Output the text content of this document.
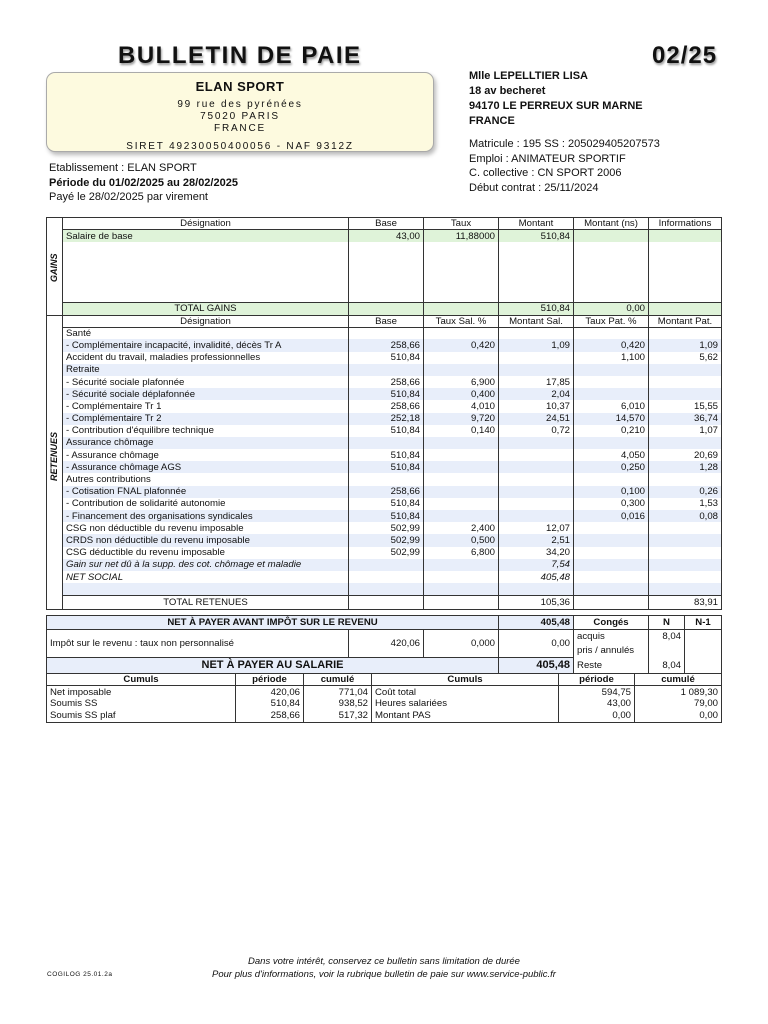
BULLETIN DE PAIE	02/25
ELAN SPORT
99 rue des pyrénées
75020 PARIS
FRANCE
SIRET 49230050400056 - NAF 9312Z
Mlle LEPELLTIER LISA
18 av becheret
94170 LE PERREUX SUR MARNE
FRANCE
Matricule : 195 SS : 205029405207573
Emploi : ANIMATEUR SPORTIF
C. collective : CN SPORT 2006
Début contrat : 25/11/2024
Etablissement : ELAN SPORT
Période du 01/02/2025 au 28/02/2025
Payé le 28/02/2025 par virement
GAINS	Désignation	Base	Taux	Montant	Montant (ns)	Informations
	Salaire de base	43,00	11,88000	510,84		

	TOTAL GAINS			510,84	0,00	

RETENUES	Désignation	Base	Taux Sal. %	Montant Sal.	Taux Pat. %	Montant Pat.
	Santé					
	- Complémentaire incapacité, invalidité, décès Tr A	258,66	0,420	1,09	0,420	1,09
	Accident du travail, maladies professionnelles	510,84			1,100	5,62
	Retraite					
	- Sécurité sociale plafonnée	258,66	6,900	17,85		
	- Sécurité sociale déplafonnée	510,84	0,400	2,04		
	- Complémentaire Tr 1	258,66	4,010	10,37	6,010	15,55
	- Complémentaire Tr 2	252,18	9,720	24,51	14,570	36,74
	- Contribution d'équilibre technique	510,84	0,140	0,72	0,210	1,07
	Assurance chômage					
	- Assurance chômage	510,84			4,050	20,69
	- Assurance chômage AGS	510,84			0,250	1,28
	Autres contributions					
	- Cotisation FNAL plafonnée	258,66			0,100	0,26
	- Contribution de solidarité autonomie	510,84			0,300	1,53
	- Financement des organisations syndicales	510,84			0,016	0,08
	CSG non déductible du revenu imposable	502,99	2,400	12,07		
	CRDS non déductible du revenu imposable	502,99	0,500	2,51		
	CSG déductible du revenu imposable	502,99	6,800	34,20		
	Gain sur net dû à la supp. des cot. chômage et maladie			7,54		
	NET SOCIAL			405,48		

	TOTAL RETENUES			105,36		83,91
NET À PAYER AVANT IMPÔT SUR LE REVENU			405,48	Congés	N	N-1
Impôt sur le revenu : taux non personnalisé	420,06	0,000	0,00	acquis	8,04	
				pris / annulés		
NET À PAYER AU SALARIE			405,48	Reste	8,04	
Cumuls	période	cumulé	Cumuls	période	cumulé
Net imposable	420,06	771,04	Coût total	594,75	1 089,30
Soumis SS	510,84	938,52	Heures salariées	43,00	79,00
Soumis SS plaf	258,66	517,32	Montant PAS	0,00	0,00
Dans votre intérêt, conservez ce bulletin sans limitation de durée
Pour plus d'informations, voir la rubrique bulletin de paie sur www.service-public.fr
COGILOG 25.01.2a
